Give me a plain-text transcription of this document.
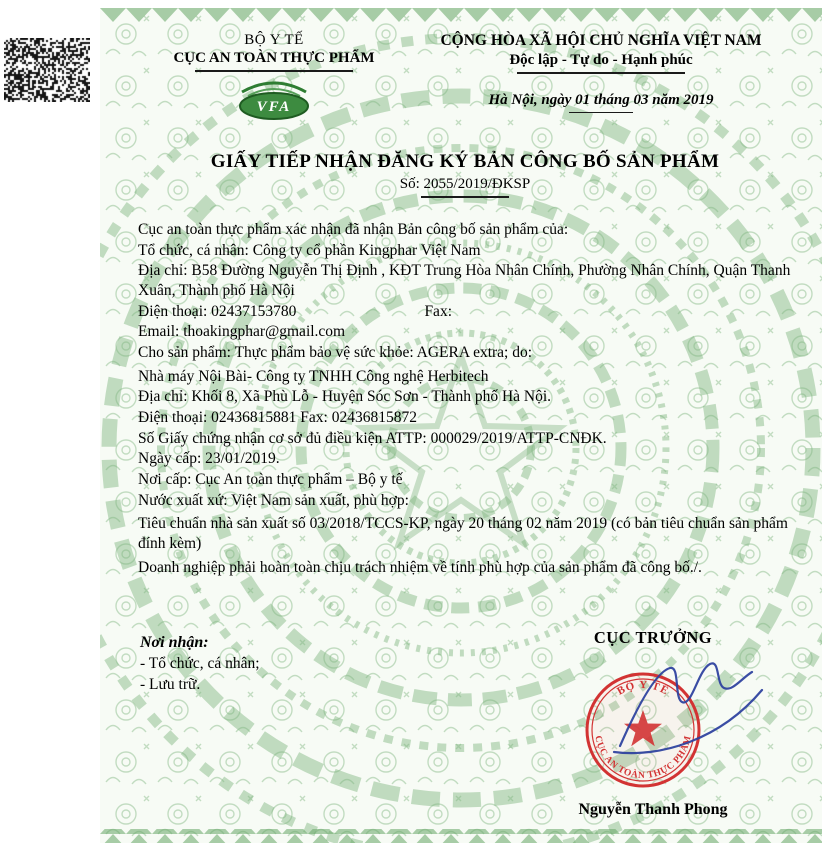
BỘ Y TẾ
CỤC AN TOÀN THỰC PHẨM
VFA
CỘNG HÒA XÃ HỘI CHỦ NGHĨA VIỆT NAM
Độc lập - Tự do - Hạnh phúc
Hà Nội, ngày 01 tháng 03 năm 2019
GIẤY TIẾP NHẬN ĐĂNG KÝ BẢN CÔNG BỐ SẢN PHẨM
Số: 2055/2019/ĐKSP

Cục an toàn thực phẩm xác nhận đã nhận Bản công bố sản phẩm của:

Tổ chức, cá nhân: Công ty cổ phần Kingphar Việt Nam

Địa chỉ: B58 Đường Nguyễn Thị Định , KĐT Trung Hòa Nhân Chính, Phường Nhân Chính, Quận Thanh Xuân, Thành phố Hà Nội

Điện thoại: 02437153780	Fax:

Email: thoakingphar@gmail.com

Cho sản phẩm: Thực phẩm bảo vệ sức khỏe: AGERA extra; do:

Nhà máy Nội Bài- Công ty TNHH Công nghệ Herbitech

Địa chỉ: Khối 8, Xã Phù Lỗ - Huyện Sóc Sơn - Thành phố Hà Nội.

Điện thoại: 02436815881 Fax: 02436815872

Số Giấy chứng nhận cơ sở đủ điều kiện ATTP: 000029/2019/ATTP-CNĐK.

Ngày cấp: 23/01/2019.

Nơi cấp: Cục An toàn thực phẩm – Bộ y tế

Nước xuất xứ: Việt Nam sản xuất, phù hợp:

Tiêu chuẩn nhà sản xuất số 03/2018/TCCS-KP, ngày 20 tháng 02 năm 2019 (có bản tiêu chuẩn sản phẩm đính kèm)

Doanh nghiệp phải hoàn toàn chịu trách nhiệm về tính phù hợp của sản phẩm đã công bố./.

Nơi nhận:
- Tổ chức, cá nhân;
- Lưu trữ.
CỤC TRƯỞNG
BỘ Y TẾ
CỤC AN TOÀN THỰC PHẨM
Nguyễn Thanh Phong
